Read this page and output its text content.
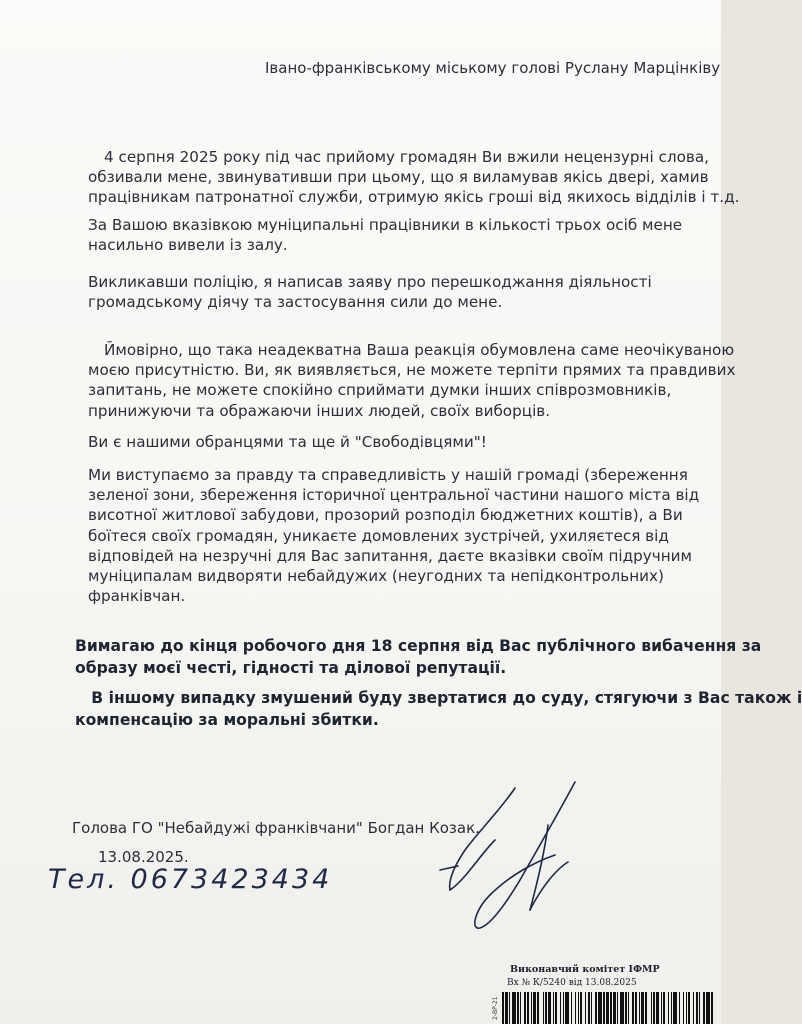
Івано-франківському міському голові Руслану Марцінківу
4 серпня 2025 року під час прийому громадян Ви вжили нецензурні слова,
обзивали мене, звинувативши при цьому, що я виламував якісь двері, хамив
працівникам патронатної служби, отримую якісь гроші від якихось відділів і т.д.
За Вашою вказівкою муніципальні працівники в кількості трьох осіб мене
насильно вивели із залу.
Викликавши поліцію, я написав заяву про перешкоджання діяльності
громадському діячу та застосування сили до мене.
Ймовірно, що така неадекватна Ваша реакція обумовлена саме неочікуваною
моєю присутністю. Ви, як виявляється, не можете терпіти прямих та правдивих
запитань, не можете спокійно сприймати думки інших співрозмовників,
принижуючи та ображаючи інших людей, своїх виборців.
Ви є нашими обранцями та ще й "Свободівцями"!
Ми виступаємо за правду та справедливість у нашій громаді (збереження
зеленої зони, збереження історичної центральної частини нашого міста від
висотної житлової забудови, прозорий розподіл бюджетних коштів), а Ви
боїтеся своїх громадян, уникаєте домовлених зустрічей, ухиляєтеся від
відповідей на незручні для Вас запитання, даєте вказівки своїм підручним
муніципалам видворяти небайдужих (неугодних та непідконтрольних)
франківчан.
Вимагаю до кінця робочого дня 18 серпня від Вас публічного вибачення за
образу моєї честі, гідності та ділової репутації.
В іншому випадку змушений буду звертатися до суду, стягуючи з Вас також і
компенсацію за моральні збитки.
Голова ГО "Небайдужі франківчани" Богдан Козак.
13.08.2025.
Тел. 0673423434
Виконавчий комітет ІФМР
Вх № К/5240 від 13.08.2025
2-ВР-21
